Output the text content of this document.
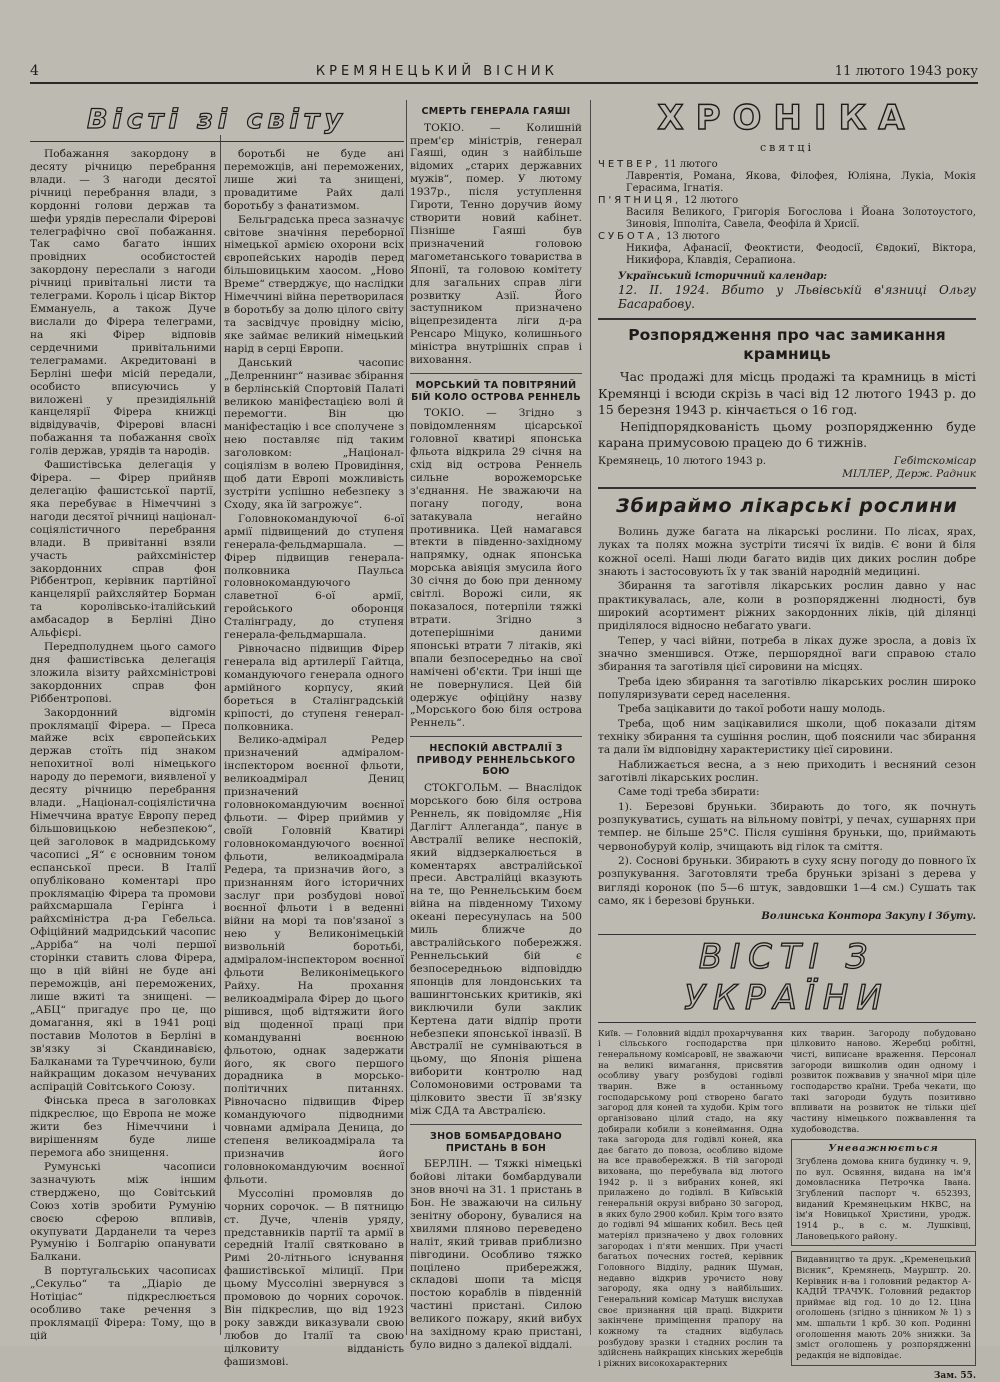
4	КРЕМЯНЕЦЬКИЙ ВІСНИК	11 лютого 1943 року
Вісті зі світу

Побажання закордону в десяту річницю перебрання влади. — З нагоди десятої річниці перебрання влади, з кордонні голови держав та шефи урядів переслали Фірерові телеграфічно свої побажання. Так само багато інших провідних особистостей закордону переслали з нагоди річниці привітальні листи та телеграми. Король і цісар Віктор Еммануель, а також Дуче вислали до Фірера телеграми, на які Фірер відповів сердечними привітальними телеграмами. Акредитовані в Берліні шефи місій передали, особисто вписуючись у виложені у президіяльній канцелярії Фірера книжці відвідувачів, Фірерові власні побажання та побажання своїх голів держав, урядів та народів.

Фашистівська делегація у Фірера. — Фірер прийняв делегацію фашистської партії, яка перебуває в Німеччині з нагоди десятої річниці націонал-соціялістичного перебрання влади. В привітанні взяли участь райхсміністер закордонних справ фон Ріббентроп, керівник партійної канцелярії райхсляйтер Борман та королівсько-італійський амбасадор в Берліні Діно Альфієрі.

Передполуднем цього самого дня фашистівська делегація зложила візиту райхсміністрові закордонних справ фон Ріббентропові.

Закордонний відгомін проклямації Фірера. — Преса майже всіх європейських держав стоїть під знаком непохитної волі німецького народу до перемоги, виявленої у десяту річницю перебрання влади. „Націонал-соціялістична Німеччина вратує Европу перед більшовицькою небезпекою“, цей заголовок в мадридському часописі „Я“ є основним тоном еспанської преси. В Італії опубліковано коментарі про проклямацію Фірера та промови райхсмаршала Герінга і райхсміністра д-ра Гебельса. Офіційний мадридський часопис „Арріба“ на чолі першої сторінки ставить слова Фірера, що в цій війні не буде ані переможців, ані переможених, лише вжиті та знищені. — „АБЦ“ пригадує про це, що домагання, які в 1941 році поставив Молотов в Берліні в зв'язку зі Скандинавією, Балканами та Туреччиною, були найкращим доказом нечуваних аспірацій Совітського Союзу.

Фінська преса в заголовках підкреслює, що Европа не може жити без Німеччини і вирішенням буде лише перемога або знищення.

Румунські часописи зазначують між іншим стверджено, що Совітський Союз хотів зробити Румунію своєю сферою впливів, окупувати Дарданели та через Румунію і Болгарію опанувати Балкани.

В португальських часописах „Секульо“ та „Діаріо де Нотіціас“ підкреслюється особливо таке речення з проклямації Фірера: Тому, що в цій

боротьбі не буде ані переможців, ані переможених, лише жиі та знищені, провадитиме Райх далі боротьбу з фанатизмом.

Бельградська преса зазначує світове значіння переборної німецької армією охорони всіх європейських народів перед більшовицьким хаосом. „Ново Време“ стверджує, що наслідки Німеччині війна перетворилася в боротьбу за долю цілого світу та засвідчує провідну місію, яке займає великий німецький нарід в серці Европи.

Данський часопис „Делреннинг“ називає збірання в берлінській Спортовій Палаті великою маніфестацією волі й перемогти. Він цю маніфестацію і все сполучене з нею поставляє під таким заголовком: „Націонал-соціялізм в волею Провидіння, щоб дати Европі можливість зустріти успішно небезпеку з Сходу, яка їй загрожує“.

Головнокомандуючої 6-ої армії підвищений до ступеня генерала-фельдмаршала. — Фірер підвищив генерала-полковника Паульса головнокомандуючого славетної 6-ої армії, геройського оборонця Сталінграду, до ступеня генерала-фельдмаршала.

Рівночасно підвищив Фірер генерала від артилерії Гайтца, командуючого генерала одного армійного корпусу, який бореться в Сталінградській кріпості, до ступеня генерал-полковника.

Велико-адмірал Редер призначений адміралом-інспектором воєнної фльоти, великоадмірал Дениц призначений головнокомандуючим воєнної фльоти. — Фірер приймив у своїй Головній Кватирі головнокомандуючого воєнної фльоти, великоадмірала Редера, та призначив його, з признанням його історичних заслуг при розбудові нової воєнної фльоти і в веденні війни на морі та пов'язаної з нею у Великонімецькій визвольній боротьбі, адміралом-інспектором воєнної фльоти Великонімецького Райху. На прохання великоадмірала Фірер до цього рішився, щоб відтяжити його від щоденної праці при командуванні воєнною фльотою, однак задержати його, як свого першого дорадника в морсько-політичних питаннях. Рівночасно підвищив Фірер командуючого підводними човнами адмірала Деница, до степеня великоадмірала та призначив його головнокомандуючим воєнної фльоти.

Муссоліні промовляв до чорних сорочок. — В пятницю ст. Дуче, членів уряду, представників партії та армії в середній Італії святковано в Римі 20-літнього існування фашистівської мілиції. При цьому Муссоліні звернувся з промовою до чорних сорочок. Він підкреслив, що від 1923 року завжди виказували свою любов до Італії та свою цілковиту відданість фашизмові.

СМЕРТЬ ГЕНЕРАЛА ГАЯШІ

ТОКІО. — Колишній прем'єр міністрів, генерал Гаяші, один з найбільше відомих „старих державних мужів“, помер. У лютому 1937р., після уступлення Гироти, Тенно доручив йому створити новий кабінет. Пізніше Гаяші був призначений головою магометанського товариства в Японії, та головою комітету для загальних справ ліги розвитку Азії. Його заступником призначено віцепрезидента ліги д-ра Ренсаро Міцуко, колишнього міністра внутрішніх справ і виховання.

МОРСЬКИЙ ТА ПОВІТРЯНИЙ БІЙ КОЛО ОСТРОВА РЕННЕЛЬ

ТОКІО. — Згідно з повідомленням цісарської головної кватирі японська фльота відкрила 29 січня на схід від острова Реннель сильне ворожеморське з'єднання. Не зважаючи на погану погоду, вона затакувала негайно противника. Цей намагався втекти в південно-західному напрямку, однак японська морська авіяція змусила його 30 січня до бою при денному світлі. Ворожі сили, як показалося, потерпіли тяжкі втрати. Згідно з дотеперішніми даними японські втрати 7 літаків, які впали безпосередньо на свої намічені об'єкти. Три інші ще не повернулися. Цей бій одержує офіційну назву „Морського бою біля острова Реннель“.

НЕСПОКІЙ АВСТРАЛІЇ З ПРИВОДУ РЕННЕЛЬСЬКОГО БОЮ

СТОКГОЛЬМ. — Внаслідок морського бою біля острова Реннель, як повідомляє „Нія Даглігт Аллеганда“, панує в Австралії велике неспокій, який віддзеркалюється в коментарях австралійської преси. Австралійці вказують на те, що Реннельським боєм війна на південному Тихому океані пересунулась на 500 миль ближче до австралійського побережжя. Реннельський бій є безпосередньою відповіддю японців для лондонських та вашингтонських критиків, які виключили були заклик Кертена дати відпір проти небезпеки японської інвазії. В Австралії не сумніваються в цьому, що Японія рішена виборити контролю над Соломоновими островами та цілковито звести її зв'язку між СДА та Австралією.

ЗНОВ БОМБАРДОВАНО ПРИСТАНЬ В БОН

БЕРЛІН. — Тяжкі німецькі бойові літаки бомбардували знов вночі на 31. 1 пристань в Бон. Не зважаючи на сильну зенітну оборону, бувалися на хвилями пляново переведено наліт, який тривав приблизно півгодини. Особливо тяжко поцілено прибережжя, складові шопи та місця постою кораблів в південній частині пристані. Силою великого пожару, який вибух на західному краю пристані, було видно з далекої віддалі.

ХРОНІКА
святці
ЧЕТВЕР, 11 лютого
Лаврентія, Романа, Якова, Філофея, Юліяна, Лукіа, Мокія Герасима, Ігнатія.
П'ЯТНИЦЯ, 12 лютого
Василя Великого, Григорія Богослова і Йоана Золотоустого, Зиновія, Іпполіта, Савела, Феофіла й Хрисії.
СУБОТА, 13 лютого
Никифа, Афанасії, Феоктисти, Феодосії, Євдокиї, Віктора, Никифора, Клавдія, Серапиона.
Український історичний календар:
12. II. 1924. Вбито у Львівській в'язниці Ольгу Басарабову.
Розпорядження про час замикання крамниць

Час продажі для місць продажі та крамниць в місті Кремянці і всюди скрізь в часі від 12 лютого 1943 р. до 15 березня 1943 р. кінчається о 16 год.

Непідпорядкованість цьому розпорядженню буде карана примусовою працею до 6 тижнів.

Кремянець, 10 лютого 1943 р.	Гебітскомісар
МІЛЛЕР, Держ. Радник
Збираймо лікарські рослини

Волинь дуже багата на лікарські рослини. По лісах, ярах, луках та полях можна зустріти тисячі їх видів. Є вони й біля кожної оселі. Наші люди багато видів цих диких рослин добре знають і застосовують їх у так званій народній медицині.

Збирання та заготівля лікарських рослин давно у нас практикувалась, але, коли в розпорядженні людності, був широкий асортимент ріжних закордонних ліків, цій ділянці приділялося відносно небагато уваги.

Тепер, у часі війни, потреба в ліках дуже зросла, а довіз їх значно зменшився. Отже, першорядної ваги справою стало збирання та заготівля цієї сировини на місцях.

Треба ідею збирання та заготівлю лікарських рослин широко популяризувати серед населення.

Треба зацікавити до такої роботи нашу молодь.

Треба, щоб ним зацікавилися школи, щоб показали дітям техніку збирання та сушіння рослин, щоб пояснили час збирання та дали їм відповідну характеристику цієї сировини.

Наближається весна, а з нею приходить і весняний сезон заготівлі лікарських рослин.

Саме тоді треба збирати:

1). Березові бруньки. Збирають до того, як почнуть розпукуватись, сушать на вільному повітрі, у печах, сушарнях при темпер. не більше 25°C. Після сушіння бруньки, що, приймають червонобуруй колір, зчищають від гілок та сміття.

2). Соснові бруньки. Збирають в суху ясну погоду до повного їх розпукування. Заготовляти треба бруньки зрізані з дерева у вигляді коронок (по 5—6 штук, завдовшки 1—4 см.) Сушать так само, як і березові бруньки.

Волинська Контора Закупу і Збуту.
ВІСТІ З УКРАЇНИ
Київ. — Головний відділ прохарчування і сільського господарства при генеральному комісаровії, не зважаючи на великі вимагання, присвятив особливу увагу розбудові годівлі тварин. Вже в останньому господарському році створено багато загород для коней та худоби. Крім того організовано цілий стадо, на яку добирали кобили з конеймання. Одна така загорода для годівлі коней, яка дає багато до повоза, особливо відоме на все правобережжя. В тій загороді вихована, що перебувала від лютого 1942 р. іі з вибраних коней, які прилажено до годівлі. В Київській генеральній окрузі вибрано 30 загород, в яких було 2900 кобил. Крім того взято до годівлі 94 мішаних кобил. Весь цей матеріял призначено у двох головних загородах і п'яти менших. При участі багатьох почесних гостей, керівник Головного Відділу, радник Шуман, недавно відкрив урочисто нову загороду, яка одну з найбільших. Генеральний комісар Матушк вислухав своє признання цій праці. Відкрити закінчене приміщення прапору на кожному та стадних відбулась розбудову зразки і стадних рослин та здійснень найкращих кінських жеребців і ріжних високохарактерних
ких тварин. Загороду побудовано цілковито наново. Жеребці робітні, чисті, виписане враження. Персонал загороди вишколив один одному і розвиток пожвавив у значної міри ціле господарство країни. Треба чекати, що такі загороди будуть позитивно впливати на розвиток не тільки цієї частину німецького пожвавлення та худобоводства.
Уневажнюється
Згублена домова книга будинку ч. 9, по вул. Освяння, видана на ім'я домовласника Петрочка Івана. Згублений паспорт ч. 652393, виданий Кремянецьким НКВС, на ім'я Новицької Христини, уродж. 1914 р., в с. м. Лушківці, Лановецького району.
Видавництво та друк. „Кременецький Вісник“, Кремянець, Маурштр. 20. Керівник н-ва і головний редактор А-КАДІЙ ТРАЧУК. Головний редактор приймає від год. 10 до 12. Ціна оголошень (згідно з цінником № 1) з мм. шпальти 1 крб. 30 коп. Родинні оголошення мають 20% знижки. За зміст оголошень у розпорядженні редакція не відповідає.
Зам. 55.
